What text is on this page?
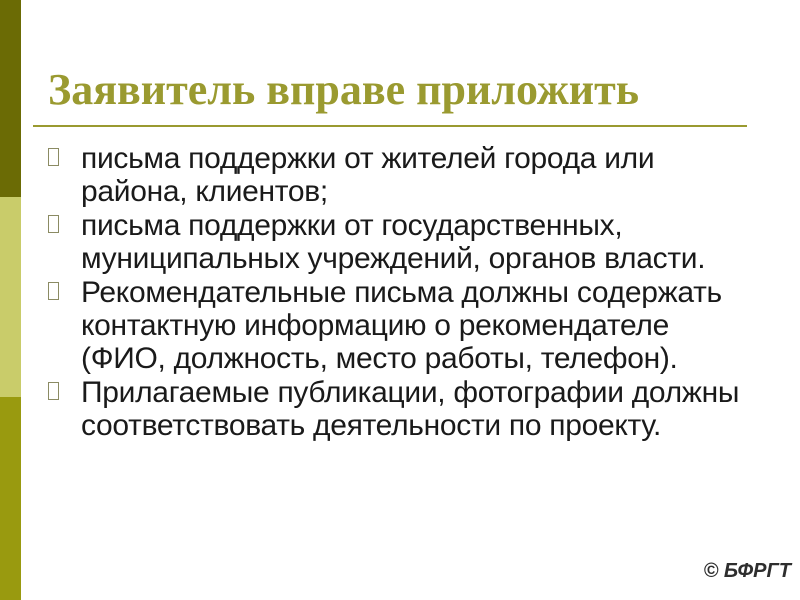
Заявитель вправе приложить
письма поддержки от жителей города или
района, клиентов;
письма поддержки от государственных,
муниципальных учреждений, органов власти.
Рекомендательные письма должны содержать
контактную информацию о рекомендателе
(ФИО, должность, место работы, телефон).
Прилагаемые публикации, фотографии должны
соответствовать деятельности по проекту.
© БФРГТ
